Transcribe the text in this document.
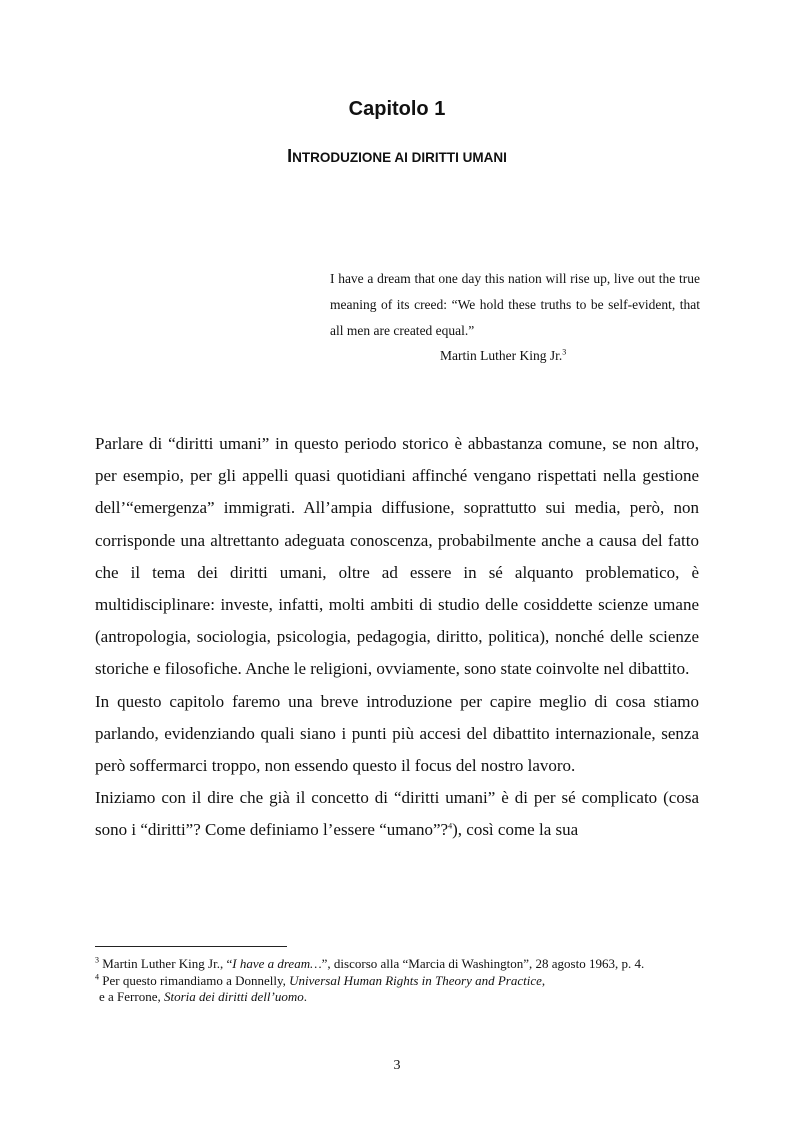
Capitolo 1
INTRODUZIONE AI DIRITTI UMANI

I have a dream that one day this nation will rise up, live out the true meaning of its creed: “We hold these truths to be self-evident, that all men are created equal.”

Martin Luther King Jr.$^3$

Parlare di “diritti umani” in questo periodo storico è abbastanza comune, se non altro, per esempio, per gli appelli quasi quotidiani affinché vengano rispettati nella gestione dell’“emergenza” immigrati. All’ampia diffusione, soprattutto sui media, però, non corrisponde una altrettanto adeguata conoscenza, probabilmente anche a causa del fatto che il tema dei diritti umani, oltre ad essere in sé alquanto problematico, è multidisciplinare: investe, infatti, molti ambiti di studio delle cosiddette scienze umane (antropologia, sociologia, psicologia, pedagogia, diritto, politica), nonché delle scienze storiche e filosofiche. Anche le religioni, ovviamente, sono state coinvolte nel dibattito.

In questo capitolo faremo una breve introduzione per capire meglio di cosa stiamo parlando, evidenziando quali siano i punti più accesi del dibattito internazionale, senza però soffermarci troppo, non essendo questo il focus del nostro lavoro.

Iniziamo con il dire che già il concetto di “diritti umani” è di per sé complicato (cosa sono i “diritti”? Come definiamo l’essere “umano”?$^4$), così come la sua

$^3$ Martin Luther King Jr., “I have a dream…”, discorso alla “Marcia di Washington”, 28 agosto 1963, p. 4.

$^4$ Per questo rimandiamo a Donnelly, Universal Human Rights in Theory and Practice,
e a Ferrone, Storia dei diritti dell’uomo.

3
